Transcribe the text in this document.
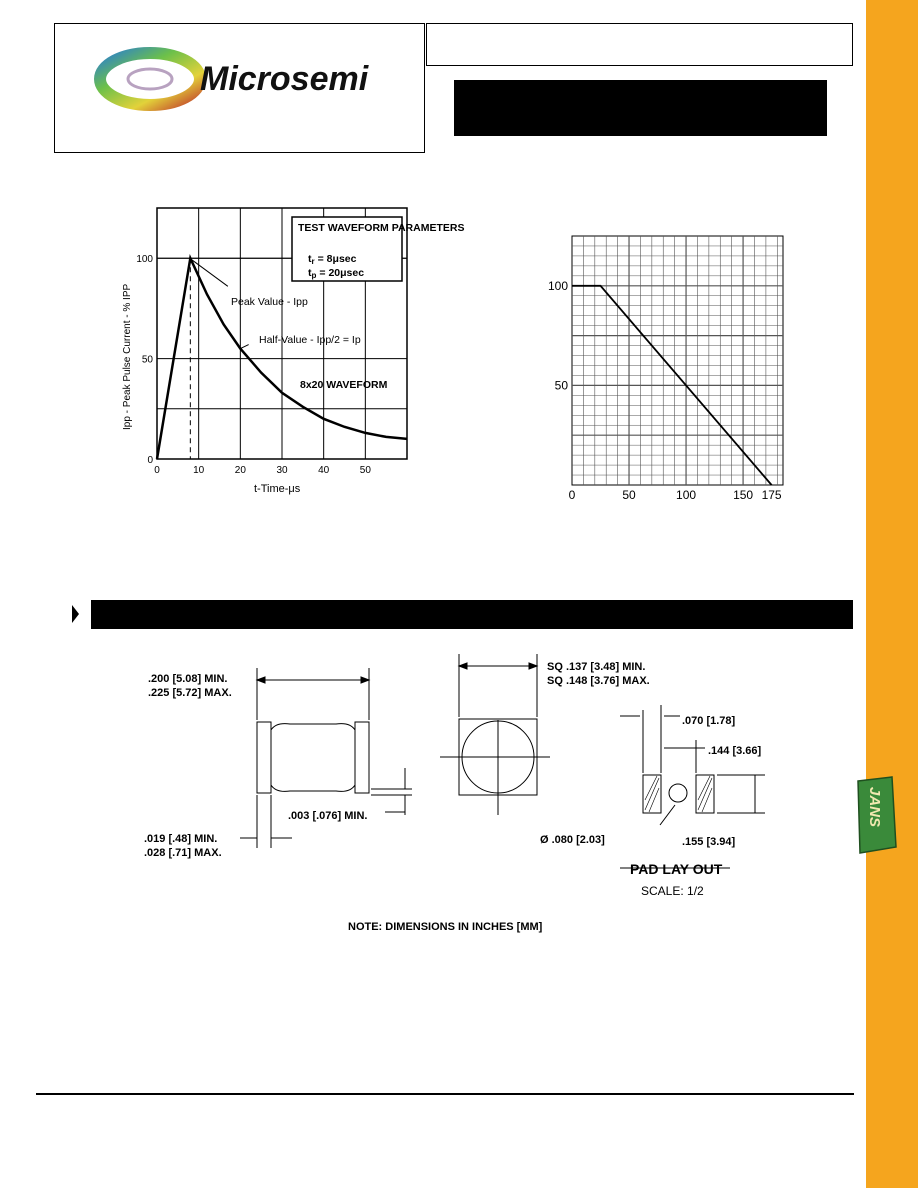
Microsemi
0	10	20	30	40	50
0
50
100
TEST WAVEFORM PARAMETERS
tr = 8μsec
tp = 20μsec
Peak Value - Ipp
Half-Value - Ipp/2 = Ip
8x20 WAVEFORM
t-Time-μs
Ipp - Peak Pulse Current - % IPP
0	50	100	150 175
50
100
.200 [5.08] MIN.
.225 [5.72] MAX.
.019 [.48] MIN.
.028 [.71] MAX.
.003 [.076] MIN.
SQ .137 [3.48] MIN.
SQ .148 [3.76] MAX.
.070 [1.78]
.144 [3.66]
.155 [3.94]
Ø .080 [2.03]
PAD LAY OUT
SCALE: 1/2
NOTE: DIMENSIONS IN INCHES [MM]
JANS
